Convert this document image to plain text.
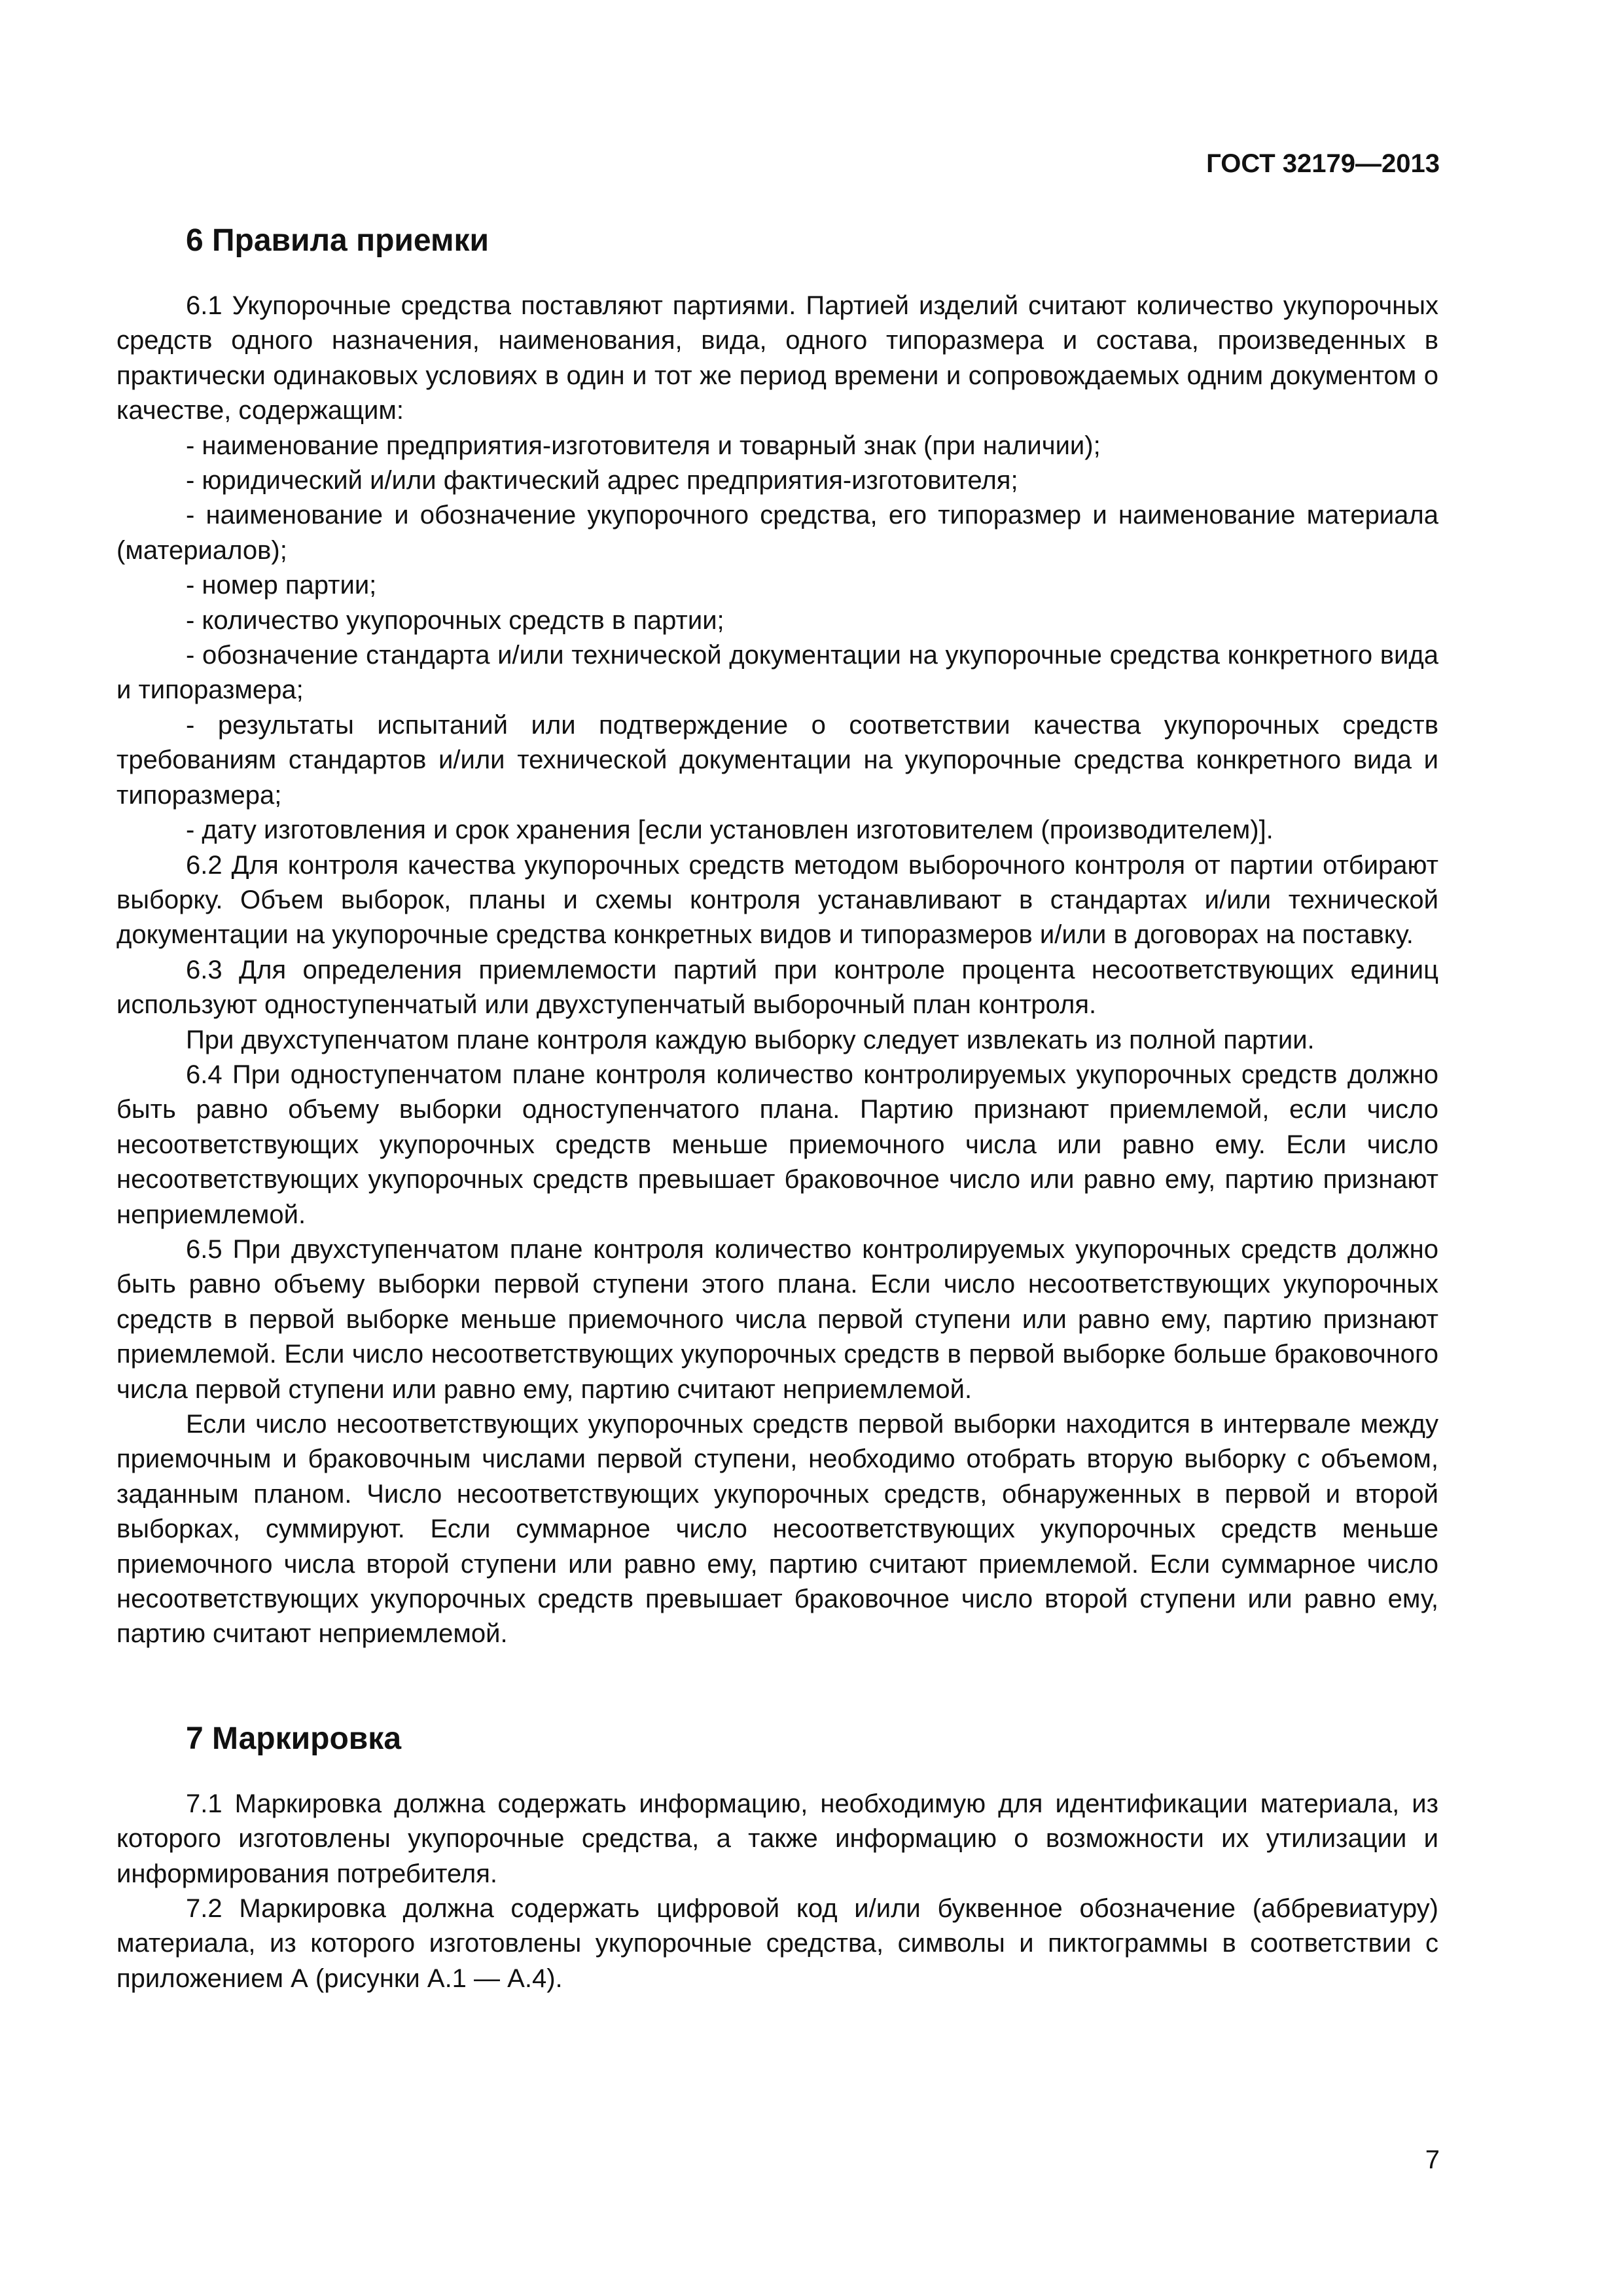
ГОСТ 32179—2013
6 Правила приемки

6.1 Укупорочные средства поставляют партиями. Партией изделий считают количество укупорочных средств одного назначения, наименования, вида, одного типоразмера и состава, произведенных в практически одинаковых условиях в один и тот же период времени и сопровождаемых одним документом о качестве, содержащим:

- наименование предприятия-изготовителя и товарный знак (при наличии);

- юридический и/или фактический адрес предприятия-изготовителя;

- наименование и обозначение укупорочного средства, его типоразмер и наименование материала (материалов);

- номер партии;

- количество укупорочных средств в партии;

- обозначение стандарта и/или технической документации на укупорочные средства конкретного вида и типоразмера;

- результаты испытаний или подтверждение о соответствии качества укупорочных средств требованиям стандартов и/или технической документации на укупорочные средства конкретного вида и типоразмера;

- дату изготовления и срок хранения [если установлен изготовителем (производителем)].

6.2 Для контроля качества укупорочных средств методом выборочного контроля от партии отбирают выборку. Объем выборок, планы и схемы контроля устанавливают в стандартах и/или технической документации на укупорочные средства конкретных видов и типоразмеров и/или в договорах на поставку.

6.3 Для определения приемлемости партий при контроле процента несоответствующих единиц используют одноступенчатый или двухступенчатый выборочный план контроля.

При двухступенчатом плане контроля каждую выборку следует извлекать из полной партии.

6.4 При одноступенчатом плане контроля количество контролируемых укупорочных средств должно быть равно объему выборки одноступенчатого плана. Партию признают приемлемой, если число несоответствующих укупорочных средств меньше приемочного числа или равно ему. Если число несоответствующих укупорочных средств превышает браковочное число или равно ему, партию признают неприемлемой.

6.5 При двухступенчатом плане контроля количество контролируемых укупорочных средств должно быть равно объему выборки первой ступени этого плана. Если число несоответствующих укупорочных средств в первой выборке меньше приемочного числа первой ступени или равно ему, партию признают приемлемой. Если число несоответствующих укупорочных средств в первой выборке больше браковочного числа первой ступени или равно ему, партию считают неприемлемой.

Если число несоответствующих укупорочных средств первой выборки находится в интервале между приемочным и браковочным числами первой ступени, необходимо отобрать вторую выборку с объемом, заданным планом. Число несоответствующих укупорочных средств, обнаруженных в первой и второй выборках, суммируют. Если суммарное число несоответствующих укупорочных средств меньше приемочного числа второй ступени или равно ему, партию считают приемлемой. Если суммарное число несоответствующих укупорочных средств превышает браковочное число второй ступени или равно ему, партию считают неприемлемой.

7 Маркировка

7.1 Маркировка должна содержать информацию, необходимую для идентификации материала, из которого изготовлены укупорочные средства, а также информацию о возможности их утилизации и информирования потребителя.

7.2 Маркировка должна содержать цифровой код и/или буквенное обозначение (аббревиатуру) материала, из которого изготовлены укупорочные средства, символы и пиктограммы в соответствии с приложением А (рисунки А.1 — А.4).

7
